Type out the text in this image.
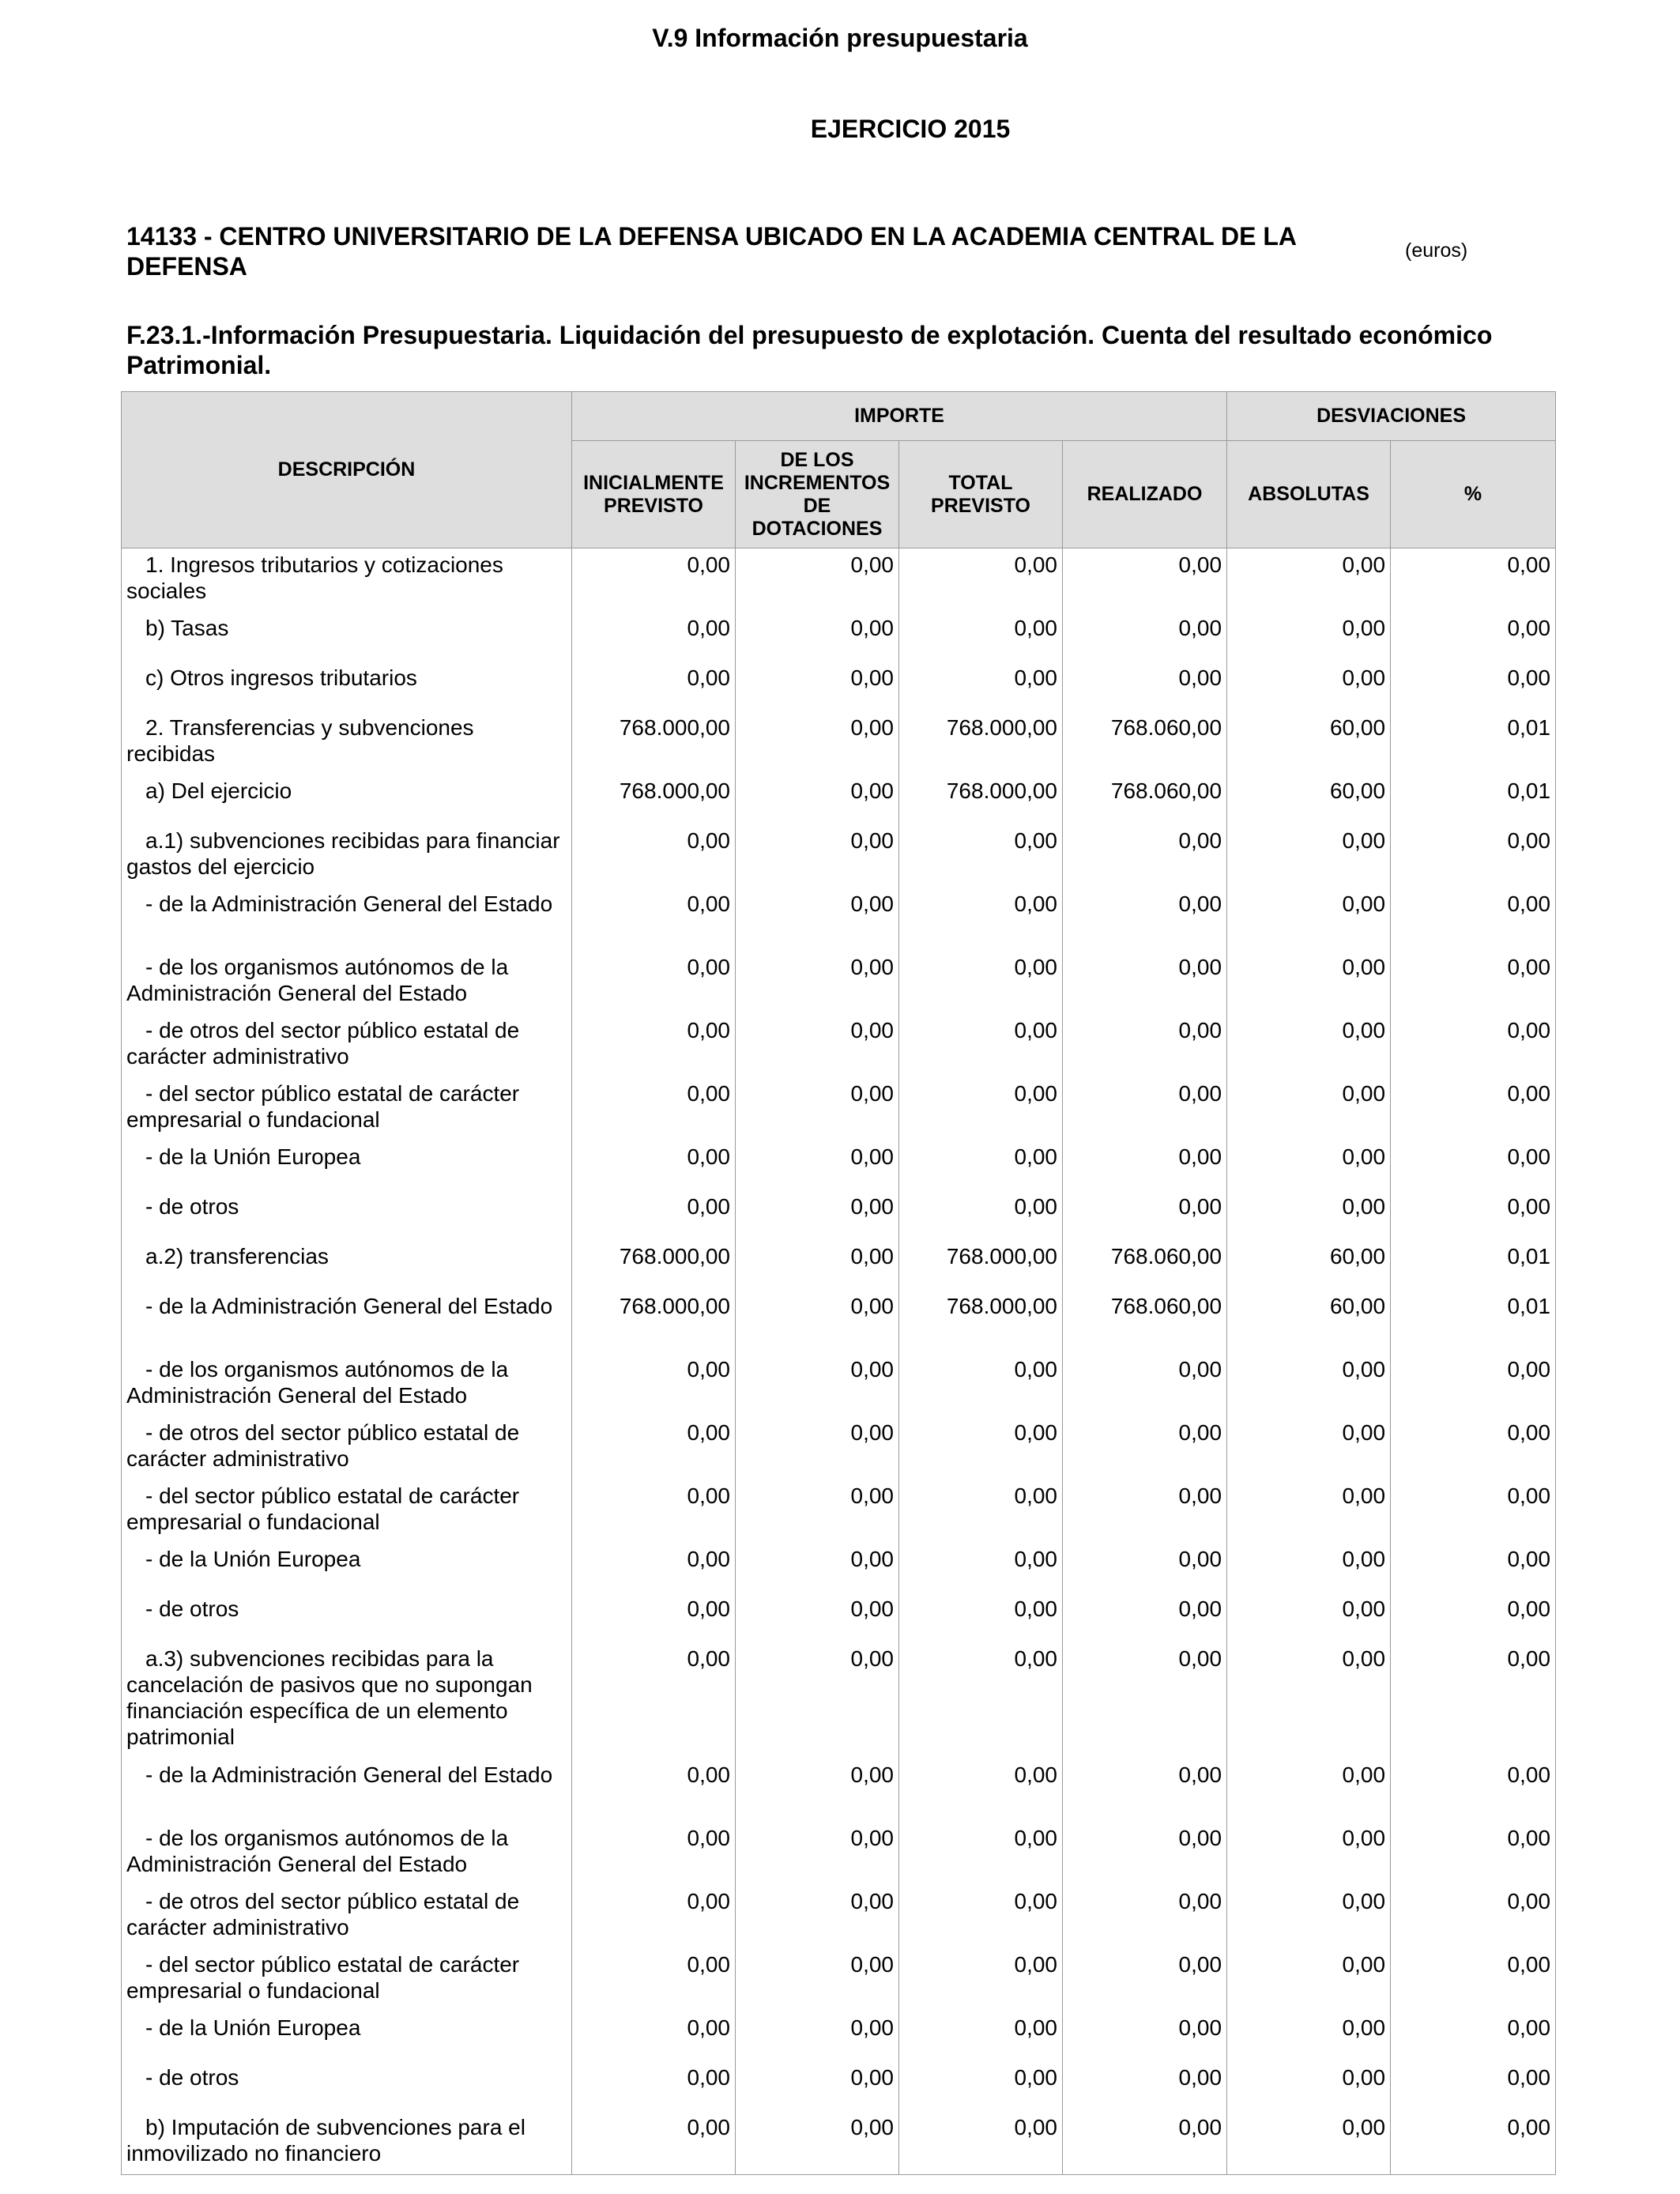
V.9 Información presupuestaria
EJERCICIO 2015
14133 - CENTRO UNIVERSITARIO DE LA DEFENSA UBICADO EN LA ACADEMIA CENTRAL DE LA DEFENSA
(euros)
F.23.1.-Información Presupuestaria. Liquidación del presupuesto de explotación. Cuenta del resultado económico Patrimonial.
DESCRIPCIÓN	IMPORTE				DESVIACIONES	
	INICIALMENTE PREVISTO	DE LOS INCREMENTOS DE DOTACIONES	TOTAL PREVISTO	REALIZADO	ABSOLUTAS	%

1. Ingresos tributarios y cotizaciones sociales	0,00	0,00	0,00	0,00	0,00	0,00

b) Tasas	0,00	0,00	0,00	0,00	0,00	0,00

c) Otros ingresos tributarios	0,00	0,00	0,00	0,00	0,00	0,00

2. Transferencias y subvenciones recibidas	768.000,00	0,00	768.000,00	768.060,00	60,00	0,01

a) Del ejercicio	768.000,00	0,00	768.000,00	768.060,00	60,00	0,01

a.1) subvenciones recibidas para financiar gastos del ejercicio	0,00	0,00	0,00	0,00	0,00	0,00

- de la Administración General del Estado	0,00	0,00	0,00	0,00	0,00	0,00

- de los organismos autónomos de la Administración General del Estado	0,00	0,00	0,00	0,00	0,00	0,00

- de otros del sector público estatal de carácter administrativo	0,00	0,00	0,00	0,00	0,00	0,00

- del sector público estatal de carácter empresarial o fundacional	0,00	0,00	0,00	0,00	0,00	0,00

- de la Unión Europea	0,00	0,00	0,00	0,00	0,00	0,00

- de otros	0,00	0,00	0,00	0,00	0,00	0,00

a.2) transferencias	768.000,00	0,00	768.000,00	768.060,00	60,00	0,01

- de la Administración General del Estado	768.000,00	0,00	768.000,00	768.060,00	60,00	0,01

- de los organismos autónomos de la Administración General del Estado	0,00	0,00	0,00	0,00	0,00	0,00

- de otros del sector público estatal de carácter administrativo	0,00	0,00	0,00	0,00	0,00	0,00

- del sector público estatal de carácter empresarial o fundacional	0,00	0,00	0,00	0,00	0,00	0,00

- de la Unión Europea	0,00	0,00	0,00	0,00	0,00	0,00

- de otros	0,00	0,00	0,00	0,00	0,00	0,00

a.3) subvenciones recibidas para la cancelación de pasivos que no supongan financiación específica de un elemento patrimonial	0,00	0,00	0,00	0,00	0,00	0,00

- de la Administración General del Estado	0,00	0,00	0,00	0,00	0,00	0,00

- de los organismos autónomos de la Administración General del Estado	0,00	0,00	0,00	0,00	0,00	0,00

- de otros del sector público estatal de carácter administrativo	0,00	0,00	0,00	0,00	0,00	0,00

- del sector público estatal de carácter empresarial o fundacional	0,00	0,00	0,00	0,00	0,00	0,00

- de la Unión Europea	0,00	0,00	0,00	0,00	0,00	0,00

- de otros	0,00	0,00	0,00	0,00	0,00	0,00

b) Imputación de subvenciones para el inmovilizado no financiero	0,00	0,00	0,00	0,00	0,00	0,00
